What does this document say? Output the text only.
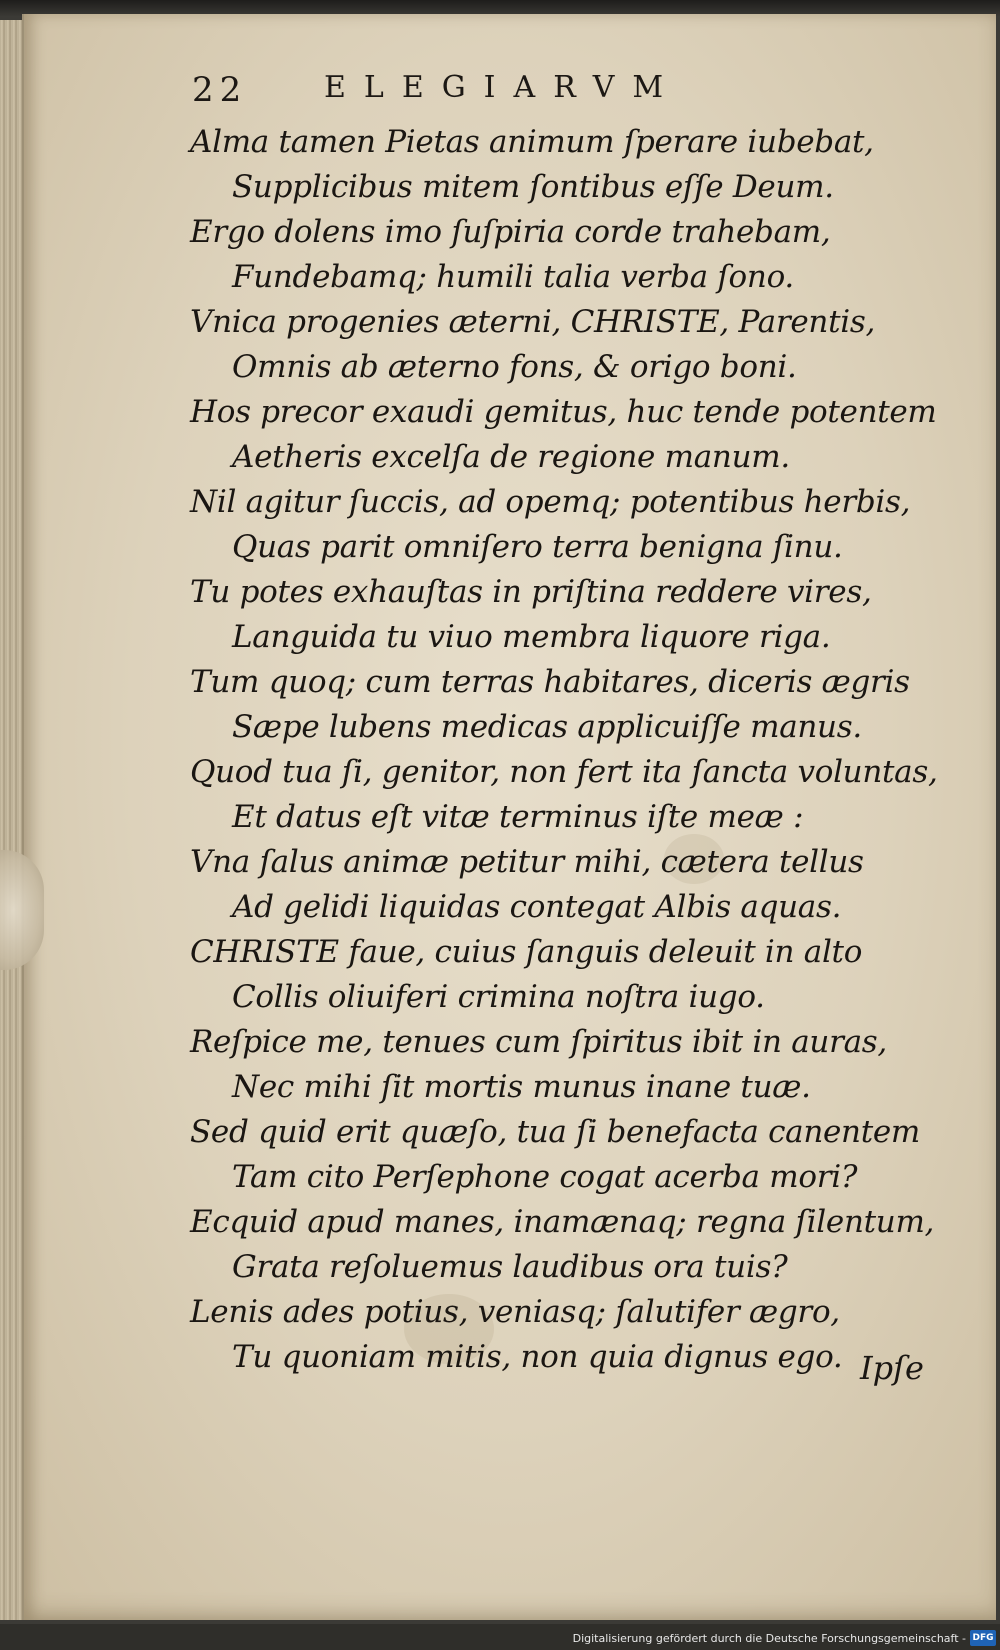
22	ELEGIARVM
Alma tamen Pietas animum ſperare iubebat,
Supplicibus mitem ſontibus eſſe Deum.
Ergo dolens imo ſuſpiria corde trahebam,
Fundebamq; humili talia verba ſono.
Vnica progenies æterni, CHRISTE, Parentis,
Omnis ab æterno fons, & origo boni.
Hos precor exaudi gemitus, huc tende potentem
Aetheris excelſa de regione manum.
Nil agitur ſuccis, ad opemq; potentibus herbis,
Quas parit omniſero terra benigna ſinu.
Tu potes exhauſtas in priſtina reddere vires,
Languida tu viuo membra liquore riga.
Tum quoq; cum terras habitares, diceris ægris
Sæpe lubens medicas applicuiſſe manus.
Quod tua ſi, genitor, non fert ita ſancta voluntas,
Et datus eſt vitæ terminus iſte meæ :
Vna ſalus animæ petitur mihi, cætera tellus
Ad gelidi liquidas contegat Albis aquas.
CHRISTE faue, cuius ſanguis deleuit in alto
Collis oliuiferi crimina noſtra iugo.
Reſpice me, tenues cum ſpiritus ibit in auras,
Nec mihi ſit mortis munus inane tuæ.
Sed quid erit quæſo, tua ſi benefacta canentem
Tam cito Perſephone cogat acerba mori?
Ecquid apud manes, inamænaq; regna ſilentum,
Grata reſoluemus laudibus ora tuis?
Lenis ades potius, veniasq; ſalutifer ægro,
Tu quoniam mitis, non quia dignus ego. Ipſe
Digitalisierung gefördert durch die Deutsche Forschungsgemeinschaft - DFG
